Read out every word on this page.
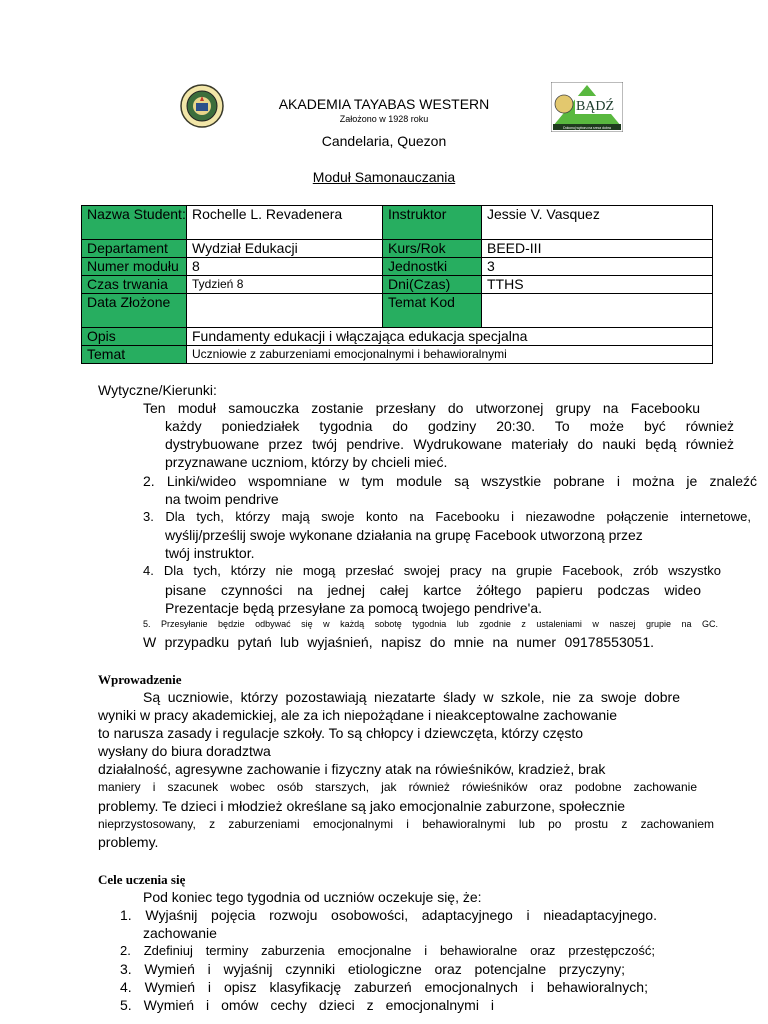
AKADEMIA TAYABAS WESTERN
Założono w 1928 roku
Candelaria, Quezon
BĄDŹ
Dokonuj wyboru na rzecz dobra
Moduł Samonauczania
Nazwa Student:	Rochelle L. Revadenera	Instruktor	Jessie V. Vasquez
Departament	Wydział Edukacji	Kurs/Rok	BEED-III
Numer modułu	8	Jednostki	3
Czas trwania	Tydzień 8	Dni(Czas)	TTHS
Data Złożone		Temat Kod	
Opis	Fundamenty edukacji i włączająca edukacja specjalna		
Temat	Uczniowie z zaburzeniami emocjonalnymi i behawioralnymi		
Wytyczne/Kierunki:
Ten moduł samouczka zostanie przesłany do utworzonej grupy na Facebooku
każdy poniedziałek tygodnia do godziny 20:30. To może być również
dystrybuowane przez twój pendrive. Wydrukowane materiały do nauki będą również
przyznawane uczniom, którzy by chcieli mieć.
2. Linki/wideo wspomniane w tym module są wszystkie pobrane i można je znaleźć
na twoim pendrive
3. Dla tych, którzy mają swoje konto na Facebooku i niezawodne połączenie internetowe,
wyślij/prześlij swoje wykonane działania na grupę Facebook utworzoną przez
twój instruktor.
4. Dla tych, którzy nie mogą przesłać swojej pracy na grupie Facebook, zrób wszystko
pisane czynności na jednej całej kartce żółtego papieru podczas wideo
Prezentacje będą przesyłane za pomocą twojego pendrive'a.
5. Przesyłanie będzie odbywać się w każdą sobotę tygodnia lub zgodnie z ustaleniami w naszej grupie na GC.
W przypadku pytań lub wyjaśnień, napisz do mnie na numer 09178553051.
Wprowadzenie
Są uczniowie, którzy pozostawiają niezatarte ślady w szkole, nie za swoje dobre
wyniki w pracy akademickiej, ale za ich niepożądane i nieakceptowalne zachowanie
to narusza zasady i regulacje szkoły. To są chłopcy i dziewczęta, którzy często
wysłany do biura doradztwa
działalność, agresywne zachowanie i fizyczny atak na rówieśników, kradzież, brak
maniery i szacunek wobec osób starszych, jak również rówieśników oraz podobne zachowanie
problemy. Te dzieci i młodzież określane są jako emocjonalnie zaburzone, społecznie
nieprzystosowany, z zaburzeniami emocjonalnymi i behawioralnymi lub po prostu z zachowaniem
problemy.
Cele uczenia się
Pod koniec tego tygodnia od uczniów oczekuje się, że:
1. Wyjaśnij pojęcia rozwoju osobowości, adaptacyjnego i nieadaptacyjnego.
zachowanie
2. Zdefiniuj terminy zaburzenia emocjonalne i behawioralne oraz przestępczość;
3. Wymień i wyjaśnij czynniki etiologiczne oraz potencjalne przyczyny;
4. Wymień i opisz klasyfikację zaburzeń emocjonalnych i behawioralnych;
5. Wymień i omów cechy dzieci z emocjonalnymi i
